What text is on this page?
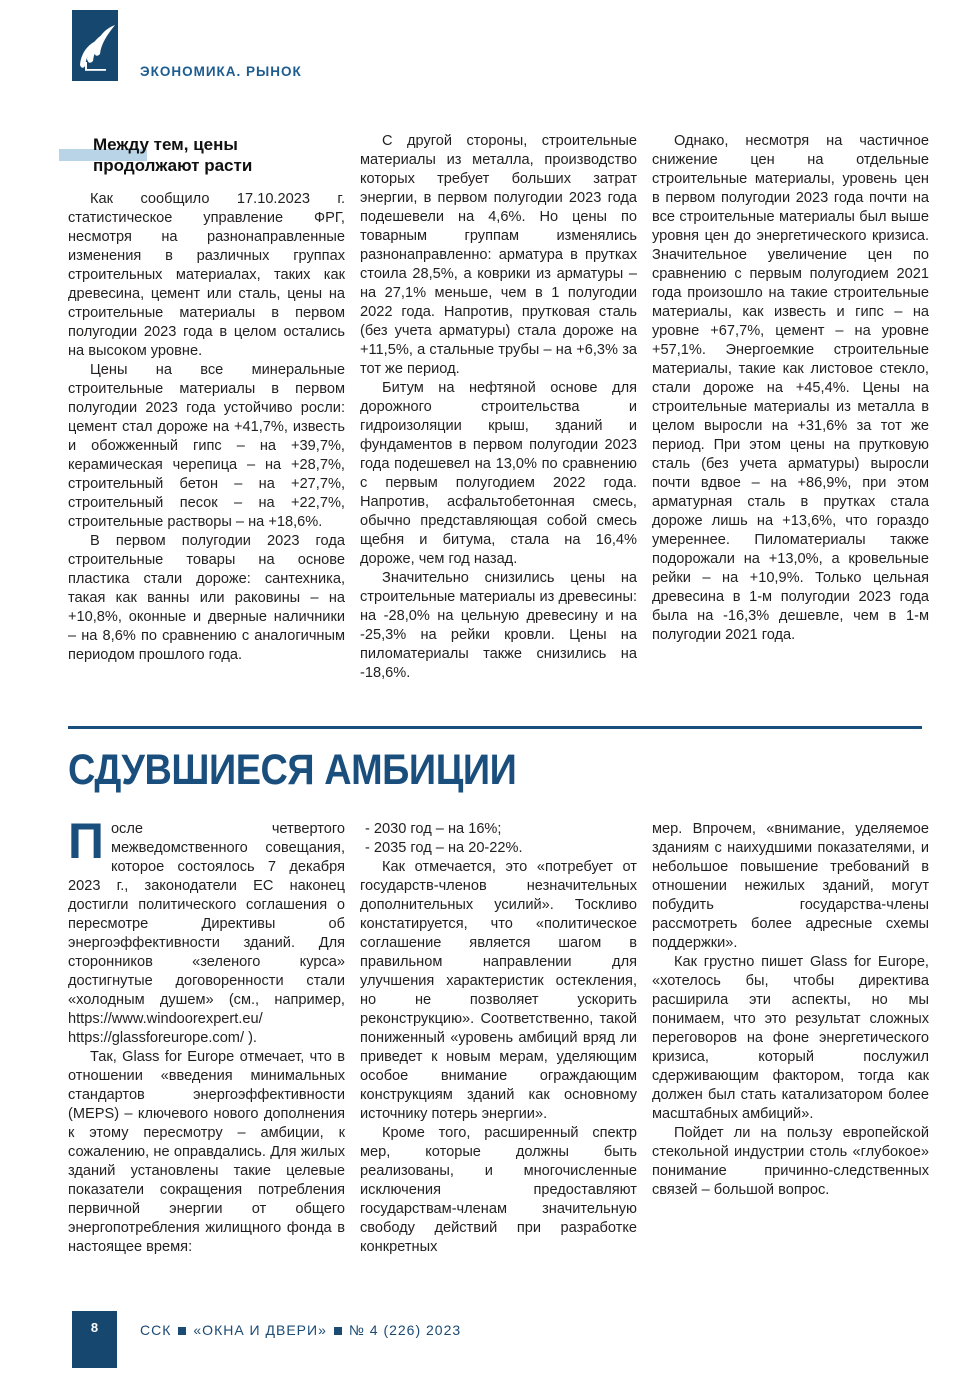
ЭКОНОМИКА. РЫНОК
Между тем, цены
продолжают расти

Как сообщило 17.10.2023 г. статистическое управление ФРГ, несмотря на разнонаправленные изменения в различных группах строительных материалах, таких как древесина, цемент или сталь, цены на строительные материалы в первом полугодии 2023 года в целом остались на высоком уровне.

Цены на все минеральные строительные материалы в первом полугодии 2023 года устойчиво росли: цемент стал дороже на +41,7%, известь и обожженный гипс – на +39,7%, керамическая черепица – на +28,7%, строительный бетон – на +27,7%, строительный песок – на +22,7%, строительные растворы – на +18,6%.

В первом полугодии 2023 года строительные товары на основе пластика стали дороже: сантехника, такая как ванны или раковины – на +10,8%, оконные и дверные наличники – на 8,6% по сравнению с аналогичным периодом прошлого года.

С другой стороны, строительные материалы из металла, производство которых требует больших затрат энергии, в первом полугодии 2023 года подешевели на 4,6%. Но цены по товарным группам изменялись разнонаправленно: арматура в прутках стоила 28,5%, а коврики из арматуры – на 27,1% меньше, чем в 1 полугодии 2022 года. Напротив, прутковая сталь (без учета арматуры) стала дороже на +11,5%, а стальные трубы – на +6,3% за тот же период.

Битум на нефтяной основе для дорожного строительства и гидроизоляции крыш, зданий и фундаментов в первом полугодии 2023 года подешевел на 13,0% по сравнению с первым полугодием 2022 года. Напротив, асфальтобетонная смесь, обычно представляющая собой смесь щебня и битума, стала на 16,4% дороже, чем год назад.

Значительно снизились цены на строительные материалы из древесины: на -28,0% на цельную древесину и на -25,3% на рейки кровли. Цены на пиломатериалы также снизились на -18,6%.

Однако, несмотря на частичное снижение цен на отдельные строительные материалы, уровень цен в первом полугодии 2023 года почти на все строительные материалы был выше уровня цен до энергетического кризиса. Значительное увеличение цен по сравнению с первым полугодием 2021 года произошло на такие строительные материалы, как известь и гипс – на уровне +67,7%, цемент – на уровне +57,1%. Энергоемкие строительные материалы, такие как листовое стекло, стали дороже на +45,4%. Цены на строительные материалы из металла в целом выросли на +31,6% за тот же период. При этом цены на прутковую сталь (без учета арматуры) выросли почти вдвое – на +86,9%, при этом арматурная сталь в прутках стала дороже лишь на +13,6%, что гораздо умереннее. Пиломатериалы также подорожали на +13,0%, а кровельные рейки – на +10,9%. Только цельная древесина в 1-м полугодии 2023 года была на -16,3% дешевле, чем в 1-м полугодии 2021 года.

СДУВШИЕСЯ АМБИЦИИ

После четвертого межведомственного совещания, которое состоялось 7 декабря 2023 г., законодатели ЕС наконец достигли политического соглашения о пересмотре Директивы об энергоэффективности зданий. Для сторонников «зеленого курса» достигнутые договоренности стали «холодным душем» (см., например, https://www.windoorexpert.eu/ https://glassforeurope.com/ ).

Так, Glass for Europe отмечает, что в отношении «введения минимальных стандартов энергоэффективности (MEPS) – ключевого нового дополнения к этому пересмотру – амбиции, к сожалению, не оправдались. Для жилых зданий установлены такие целевые показатели сокращения потребления первичной энергии от общего энергопотребления жилищного фонда в настоящее время:

- 2030 год – на 16%;

- 2035 год – на 20-22%.

Как отмечается, это «потребует от государств-членов незначительных дополнительных усилий». Тоскливо констатируется, что «политическое соглашение является шагом в правильном направлении для улучшения характеристик остекления, но не позволяет ускорить реконструкцию». Соответственно, такой пониженный «уровень амбиций вряд ли приведет к новым мерам, уделяющим особое внимание ограждающим конструкциям зданий как основному источнику потерь энергии».

Кроме того, расширенный спектр мер, которые должны быть реализованы, и многочисленные исключения предоставляют государствам-членам значительную свободу действий при разработке конкретных

мер. Впрочем, «внимание, уделяемое зданиям с наихудшими показателями, и небольшое повышение требований в отношении нежилых зданий, могут побудить государства-члены рассмотреть более адресные схемы поддержки».

Как грустно пишет Glass for Europe, «хотелось бы, чтобы директива расширила эти аспекты, но мы понимаем, что это результат сложных переговоров на фоне энергетического кризиса, который послужил сдерживающим фактором, тогда как должен был стать катализатором более масштабных амбиций».

Пойдет ли на пользу европейской стекольной индустрии столь «глубокое» понимание причинно-следственных связей – большой вопрос.

8	ССК «ОКНА И ДВЕРИ» № 4 (226) 2023
